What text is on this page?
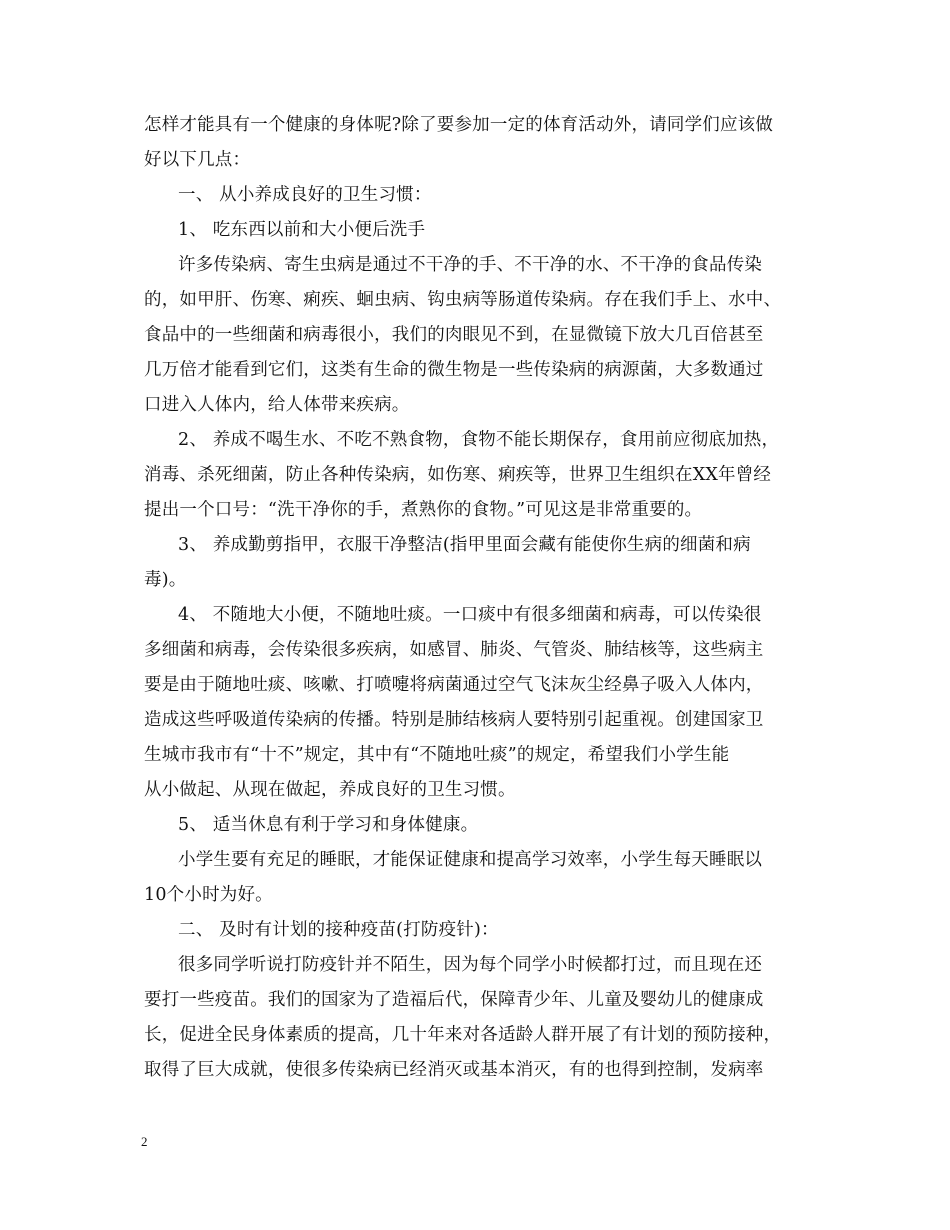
怎样才能具有一个健康的身体呢?除了要参加一定的体育活动外，请同学们应该做
好以下几点：
一、 从小养成良好的卫生习惯：
1、 吃东西以前和大小便后洗手
许多传染病、寄生虫病是通过不干净的手、不干净的水、不干净的食品传染
的，如甲肝、伤寒、痢疾、蛔虫病、钩虫病等肠道传染病。存在我们手上、水中、
食品中的一些细菌和病毒很小，我们的肉眼见不到，在显微镜下放大几百倍甚至
几万倍才能看到它们，这类有生命的微生物是一些传染病的病源菌，大多数通过
口进入人体内，给人体带来疾病。
2、 养成不喝生水、不吃不熟食物，食物不能长期保存，食用前应彻底加热，
消毒、杀死细菌，防止各种传染病，如伤寒、痢疾等，世界卫生组织在XX年曾经
提出一个口号：“洗干净你的手，煮熟你的食物。”可见这是非常重要的。
3、 养成勤剪指甲，衣服干净整洁(指甲里面会藏有能使你生病的细菌和病
毒)。
4、 不随地大小便，不随地吐痰。一口痰中有很多细菌和病毒，可以传染很
多细菌和病毒，会传染很多疾病，如感冒、肺炎、气管炎、肺结核等，这些病主
要是由于随地吐痰、咳嗽、打喷嚏将病菌通过空气飞沫灰尘经鼻子吸入人体内，
造成这些呼吸道传染病的传播。特别是肺结核病人要特别引起重视。创建国家卫
生城市我市有“十不”规定，其中有“不随地吐痰”的规定，希望我们小学生能
从小做起、从现在做起，养成良好的卫生习惯。
5、 适当休息有利于学习和身体健康。
小学生要有充足的睡眠，才能保证健康和提高学习效率，小学生每天睡眠以
10个小时为好。
二、 及时有计划的接种疫苗(打防疫针)：
很多同学听说打防疫针并不陌生，因为每个同学小时候都打过，而且现在还
要打一些疫苗。我们的国家为了造福后代，保障青少年、儿童及婴幼儿的健康成
长，促进全民身体素质的提高，几十年来对各适龄人群开展了有计划的预防接种，
取得了巨大成就，使很多传染病已经消灭或基本消灭，有的也得到控制，发病率
2
